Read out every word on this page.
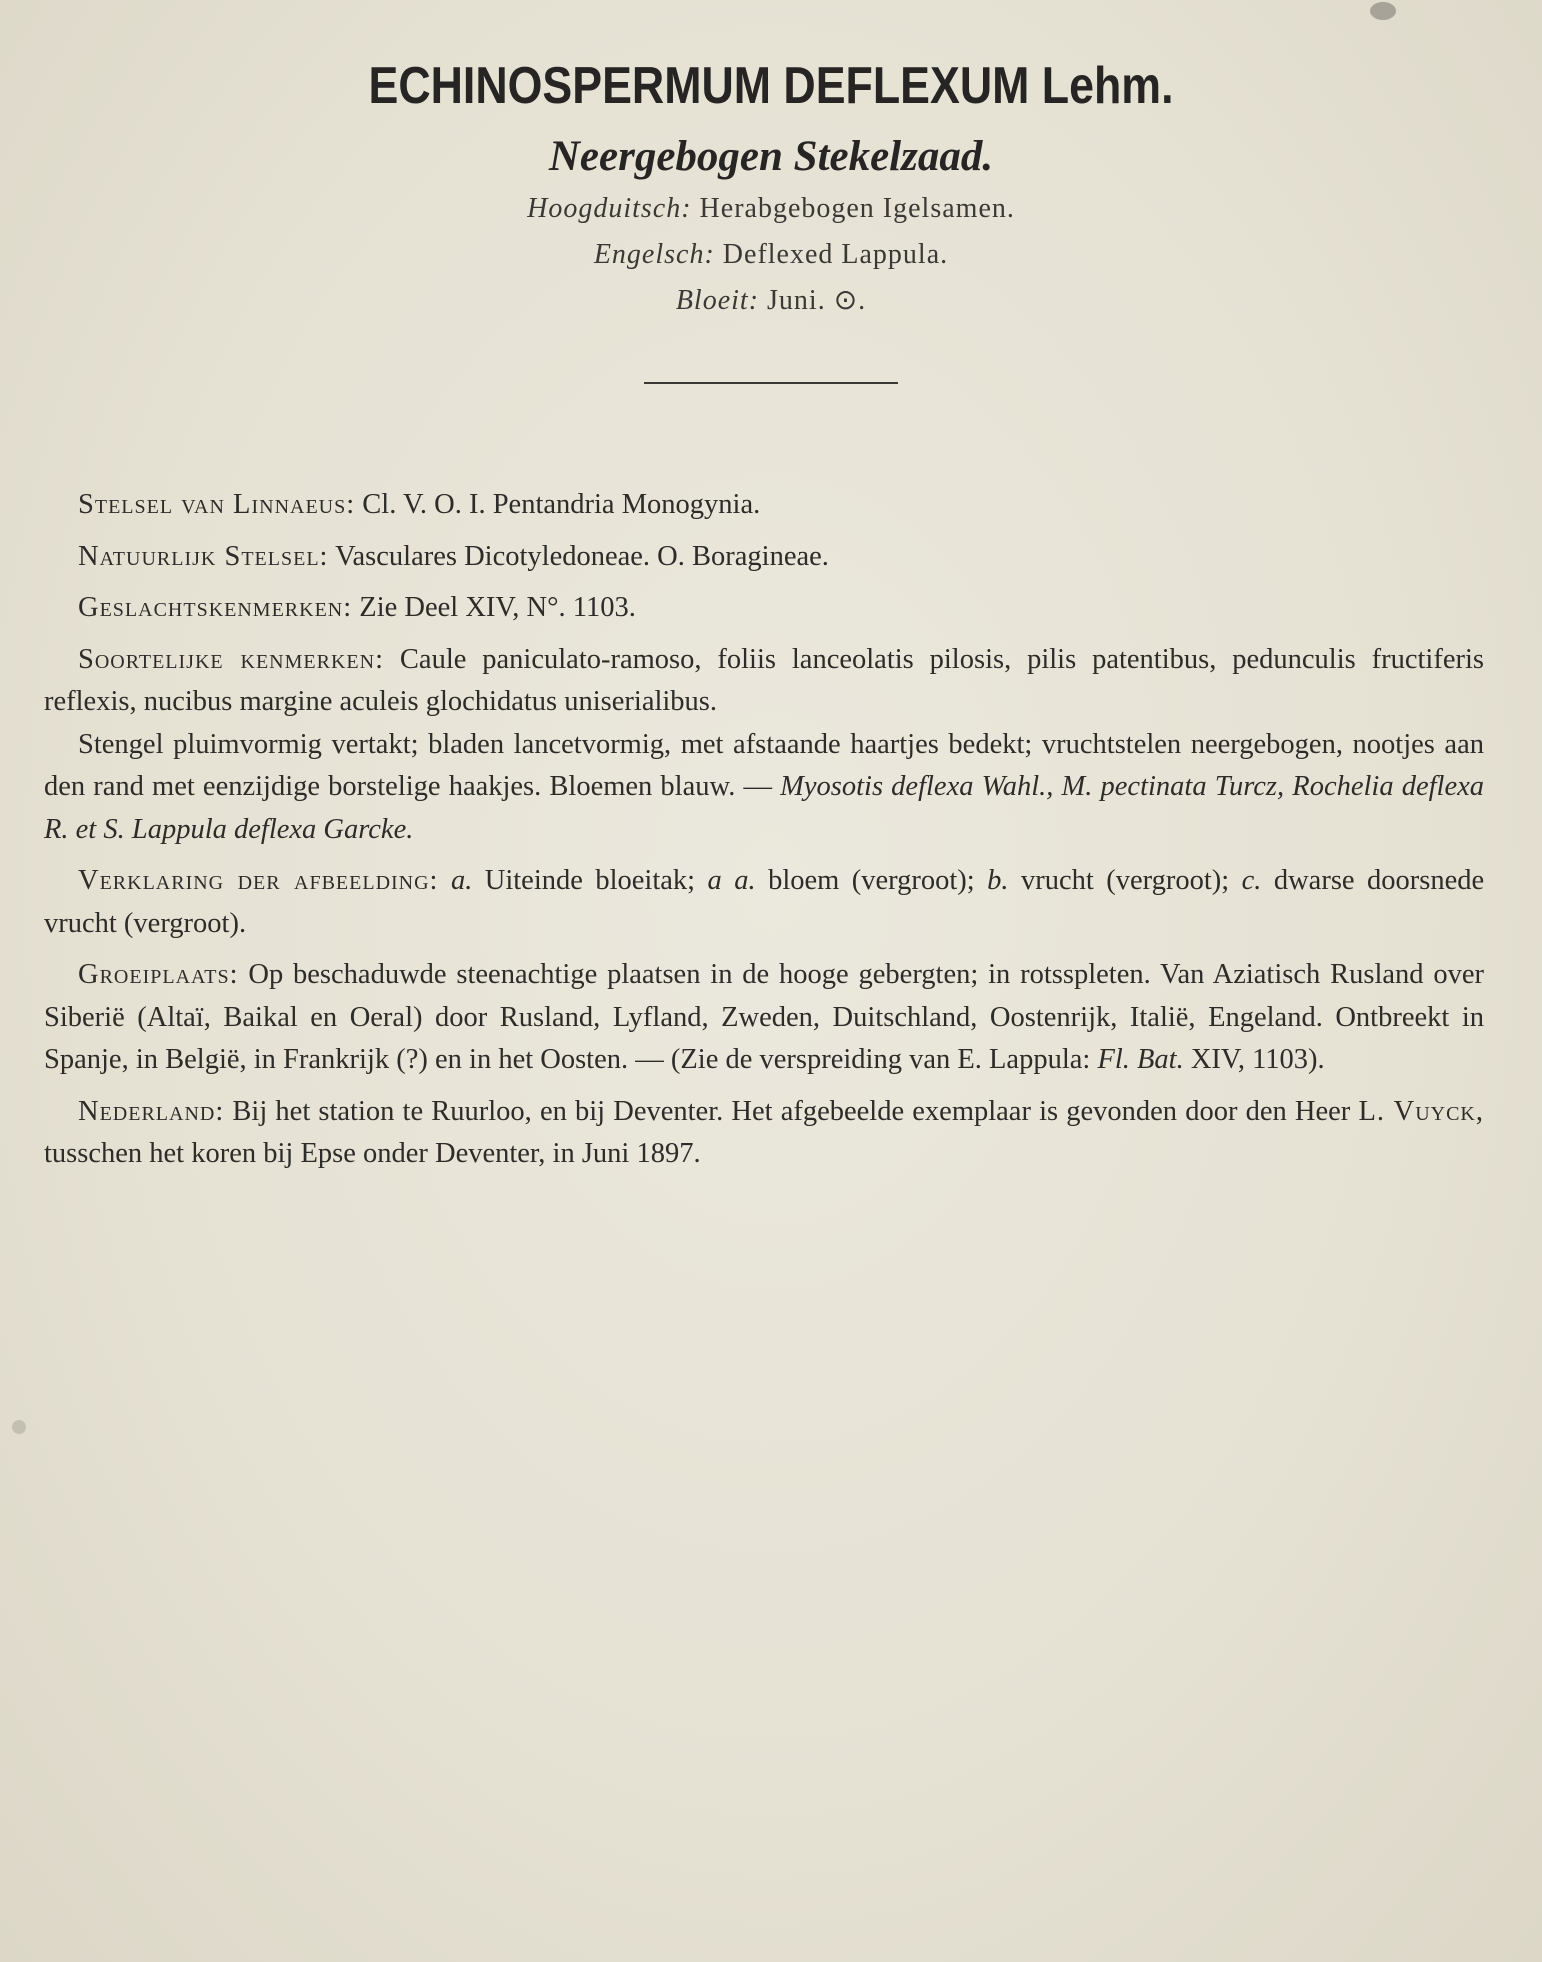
ECHINOSPERMUM DEFLEXUM Lehm.
Neergebogen Stekelzaad.
Hoogduitsch: Herabgebogen Igelsamen.
Engelsch: Deflexed Lappula.
Bloeit: Juni. ⊙.

Stelsel van Linnaeus: Cl. V. O. I. Pentandria Monogynia.

Natuurlijk Stelsel: Vasculares Dicotyledoneae. O. Boragineae.

Geslachtskenmerken: Zie Deel XIV, N°. 1103.

Soortelijke kenmerken: Caule paniculato-ramoso, foliis lanceolatis pilosis, pilis patentibus, pedunculis fructiferis reflexis, nucibus margine aculeis glochidatus uniserialibus.

Stengel pluimvormig vertakt; bladen lancetvormig, met afstaande haartjes bedekt; vruchtstelen neergebogen, nootjes aan den rand met eenzijdige borstelige haakjes. Bloemen blauw. — Myosotis deflexa Wahl., M. pectinata Turcz, Rochelia deflexa R. et S. Lappula deflexa Garcke.

Verklaring der afbeelding: a. Uiteinde bloeitak; a a. bloem (vergroot); b. vrucht (vergroot); c. dwarse doorsnede vrucht (vergroot).

Groeiplaats: Op beschaduwde steenachtige plaatsen in de hooge gebergten; in rotsspleten. Van Aziatisch Rusland over Siberië (Altaï, Baikal en Oeral) door Rusland, Lyfland, Zweden, Duitschland, Oostenrijk, Italië, Engeland. Ontbreekt in Spanje, in België, in Frankrijk (?) en in het Oosten. — (Zie de verspreiding van E. Lappula: Fl. Bat. XIV, 1103).

Nederland: Bij het station te Ruurloo, en bij Deventer. Het afgebeelde exemplaar is gevonden door den Heer L. Vuyck, tusschen het koren bij Epse onder Deventer, in Juni 1897.
